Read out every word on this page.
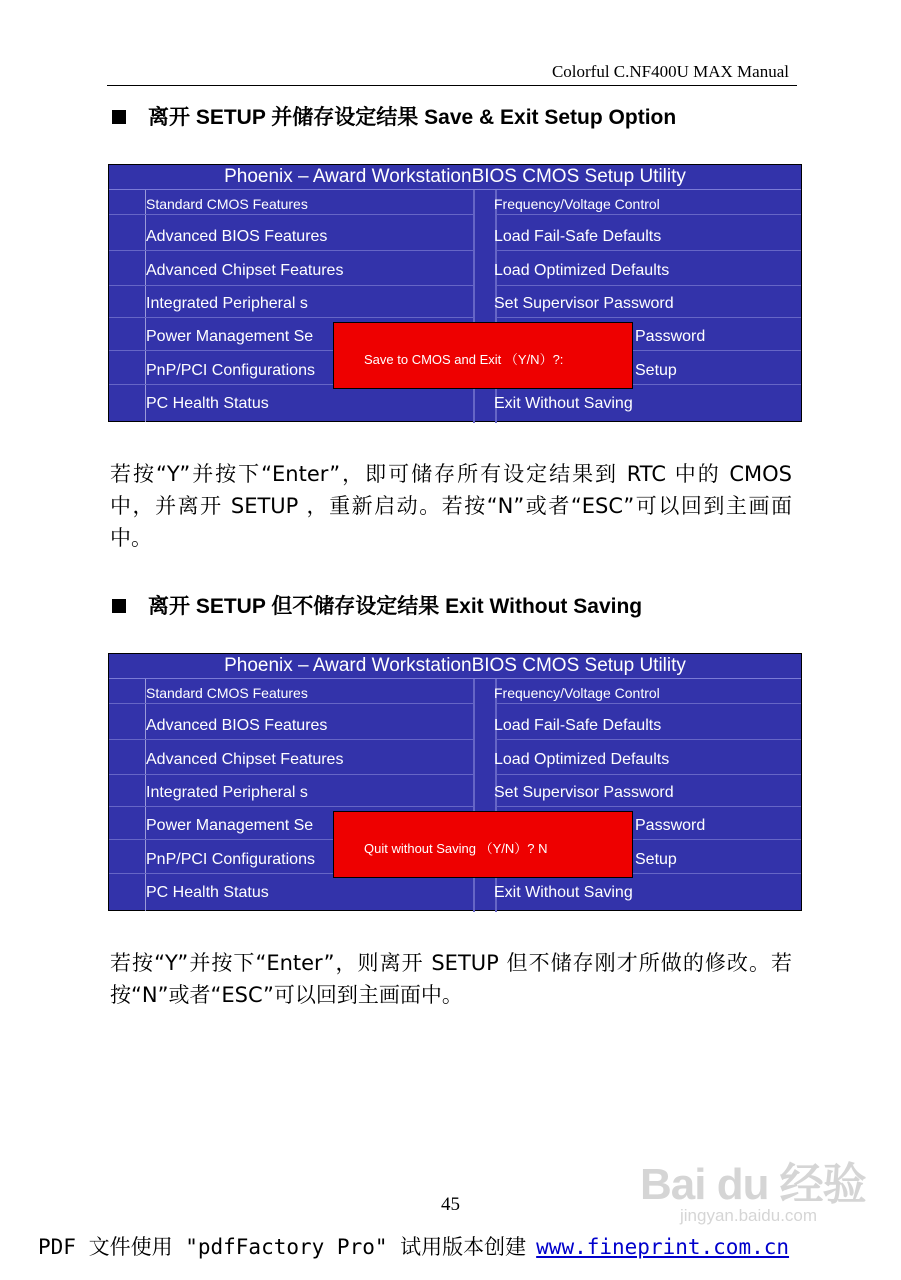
Colorful C.NF400U MAX Manual
离开 SETUP 并储存设定结果 Save & Exit Setup Option
Phoenix – Award WorkstationBIOS CMOS Setup Utility
Standard CMOS Features
Advanced BIOS Features
Advanced Chipset Features
Integrated Peripheral s
Power Management Se
PnP/PCI Configurations
PC Health Status
Frequency/Voltage Control
Load Fail-Safe Defaults
Load Optimized Defaults
Set Supervisor Password
Password
Setup
Exit Without Saving
Save to CMOS and Exit （Y/N）?:
若按“Y”并按下“Enter”，即可储存所有设定结果到 RTC 中的 CMOS 中，并离开 SETUP ，重新启动。若按“N”或者“ESC”可以回到主画面中。
离开 SETUP 但不储存设定结果 Exit Without Saving
Phoenix – Award WorkstationBIOS CMOS Setup Utility
Standard CMOS Features
Advanced BIOS Features
Advanced Chipset Features
Integrated Peripheral s
Power Management Se
PnP/PCI Configurations
PC Health Status
Frequency/Voltage Control
Load Fail-Safe Defaults
Load Optimized Defaults
Set Supervisor Password
Password
Setup
Exit Without Saving
Quit without Saving （Y/N）? N
若按“Y”并按下“Enter”，则离开 SETUP 但不储存刚才所做的修改。若按“N”或者“ESC”可以回到主画面中。
45	Bai du 经验
jingyan.baidu.com
PDF 文件使用 "pdfFactory Pro" 试用版本创建 www.fineprint.com.cn
